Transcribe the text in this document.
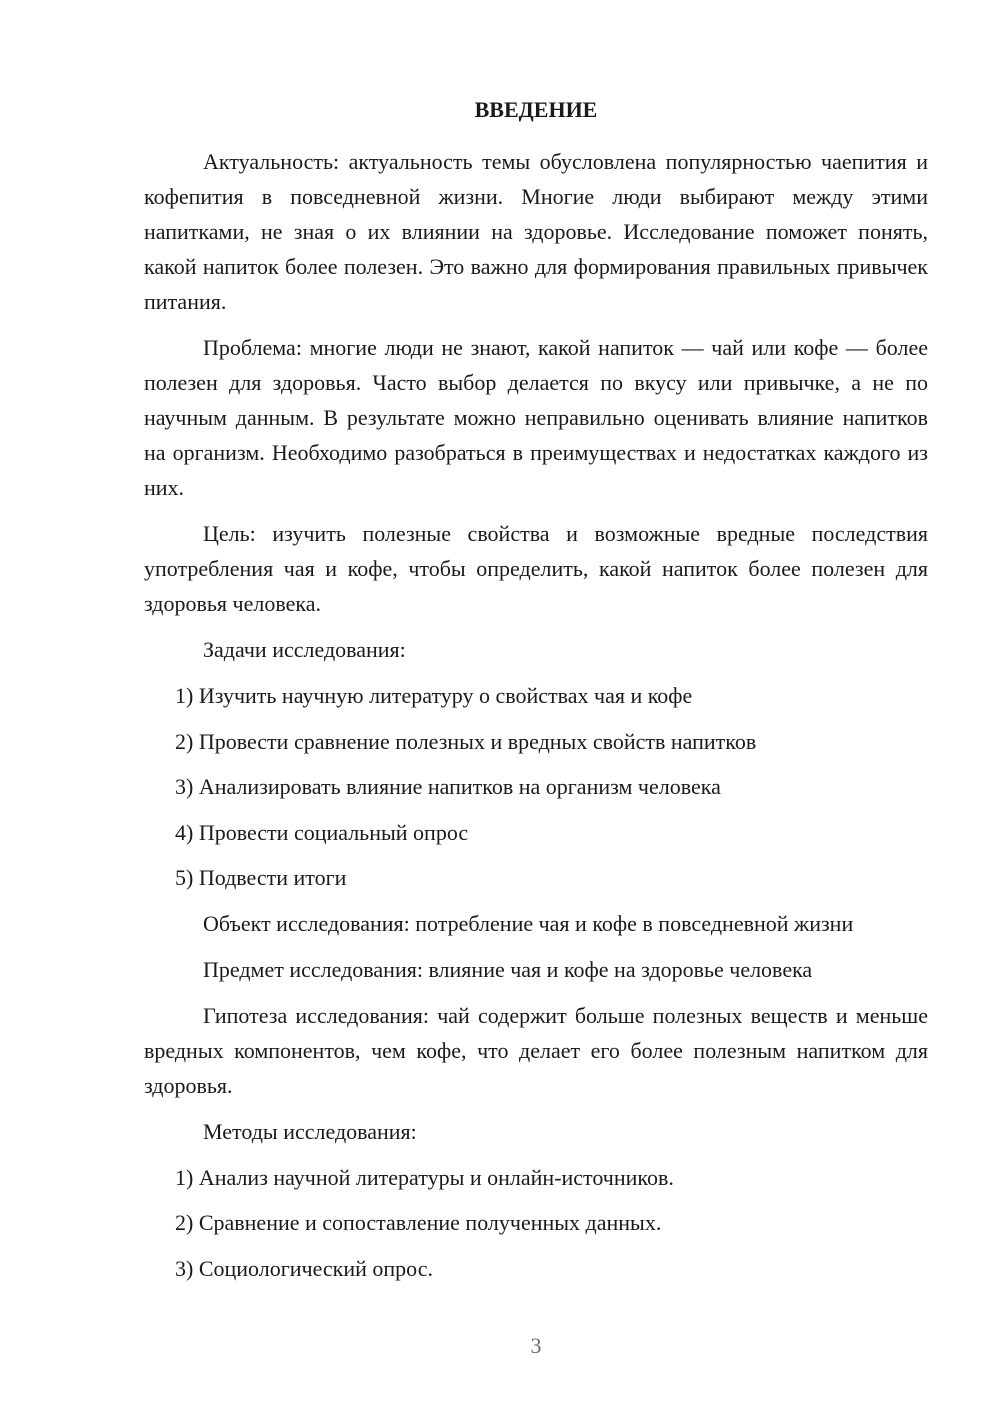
ВВЕДЕНИЕ

Актуальность: актуальность темы обусловлена популярностью чаепития и кофепития в повседневной жизни. Многие люди выбирают между этими напитками, не зная о их влиянии на здоровье. Исследование поможет понять, какой напиток более полезен. Это важно для формирования правильных привычек питания.

Проблема: многие люди не знают, какой напиток — чай или кофе — более полезен для здоровья. Часто выбор делается по вкусу или привычке, а не по научным данным. В результате можно неправильно оценивать влияние напитков на организм. Необходимо разобраться в преимуществах и недостатках каждого из них.

Цель: изучить полезные свойства и возможные вредные последствия употребления чая и кофе, чтобы определить, какой напиток более полезен для здоровья человека.

Задачи исследования:

1) Изучить научную литературу о свойствах чая и кофе
2) Провести сравнение полезных и вредных свойств напитков
3) Анализировать влияние напитков на организм человека
4) Провести социальный опрос
5) Подвести итоги

Объект исследования: потребление чая и кофе в повседневной жизни

Предмет исследования: влияние чая и кофе на здоровье человека

Гипотеза исследования: чай содержит больше полезных веществ и меньше вредных компонентов, чем кофе, что делает его более полезным напитком для здоровья.

Методы исследования:

1) Анализ научной литературы и онлайн-источников.
2) Сравнение и сопоставление полученных данных.
3) Социологический опрос.
3
